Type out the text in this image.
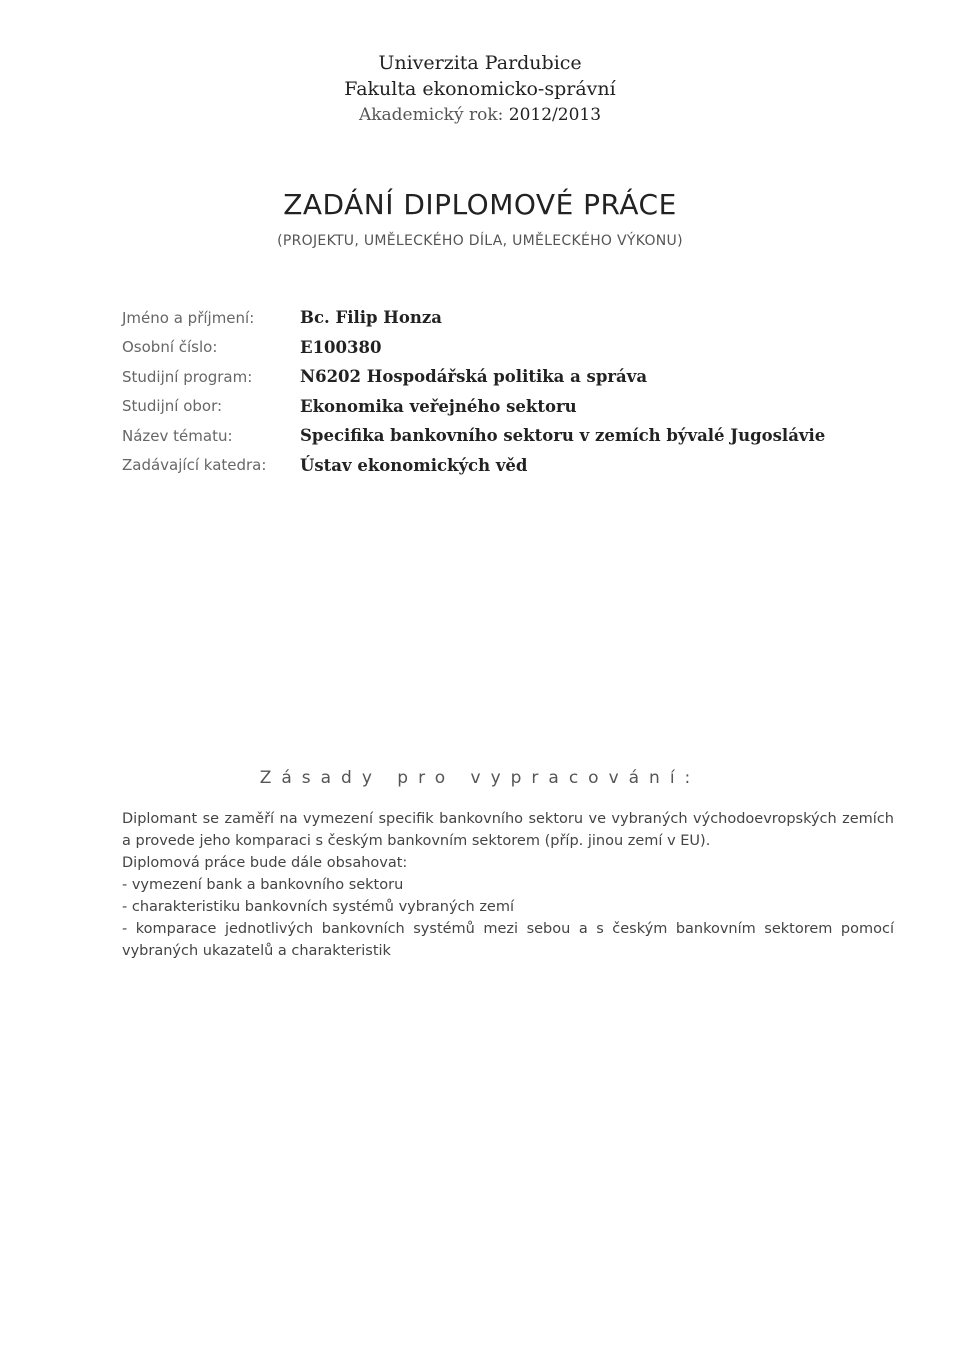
Univerzita Pardubice
Fakulta ekonomicko-správní
Akademický rok: 2012/2013
ZADÁNÍ DIPLOMOVÉ PRÁCE
(PROJEKTU, UMĚLECKÉHO DÍLA, UMĚLECKÉHO VÝKONU)
Jméno a příjmení:	Bc. Filip Honza
Osobní číslo:	E100380
Studijní program:	N6202 Hospodářská politika a správa
Studijní obor:	Ekonomika veřejného sektoru
Název tématu:	Specifika bankovního sektoru v zemích bývalé Jugoslávie
Zadávající katedra:	Ústav ekonomických věd
Zásady pro vypracování:

Diplomant se zaměří na vymezení specifik bankovního sektoru ve vybraných východoevropských zemích a provede jeho komparaci s českým bankovním sektorem (příp. jinou zemí v EU).

Diplomová práce bude dále obsahovat:

- vymezení bank a bankovního sektoru

- charakteristiku bankovních systémů vybraných zemí

- komparace jednotlivých bankovních systémů mezi sebou a s českým bankovním sektorem pomocí vybraných ukazatelů a charakteristik
